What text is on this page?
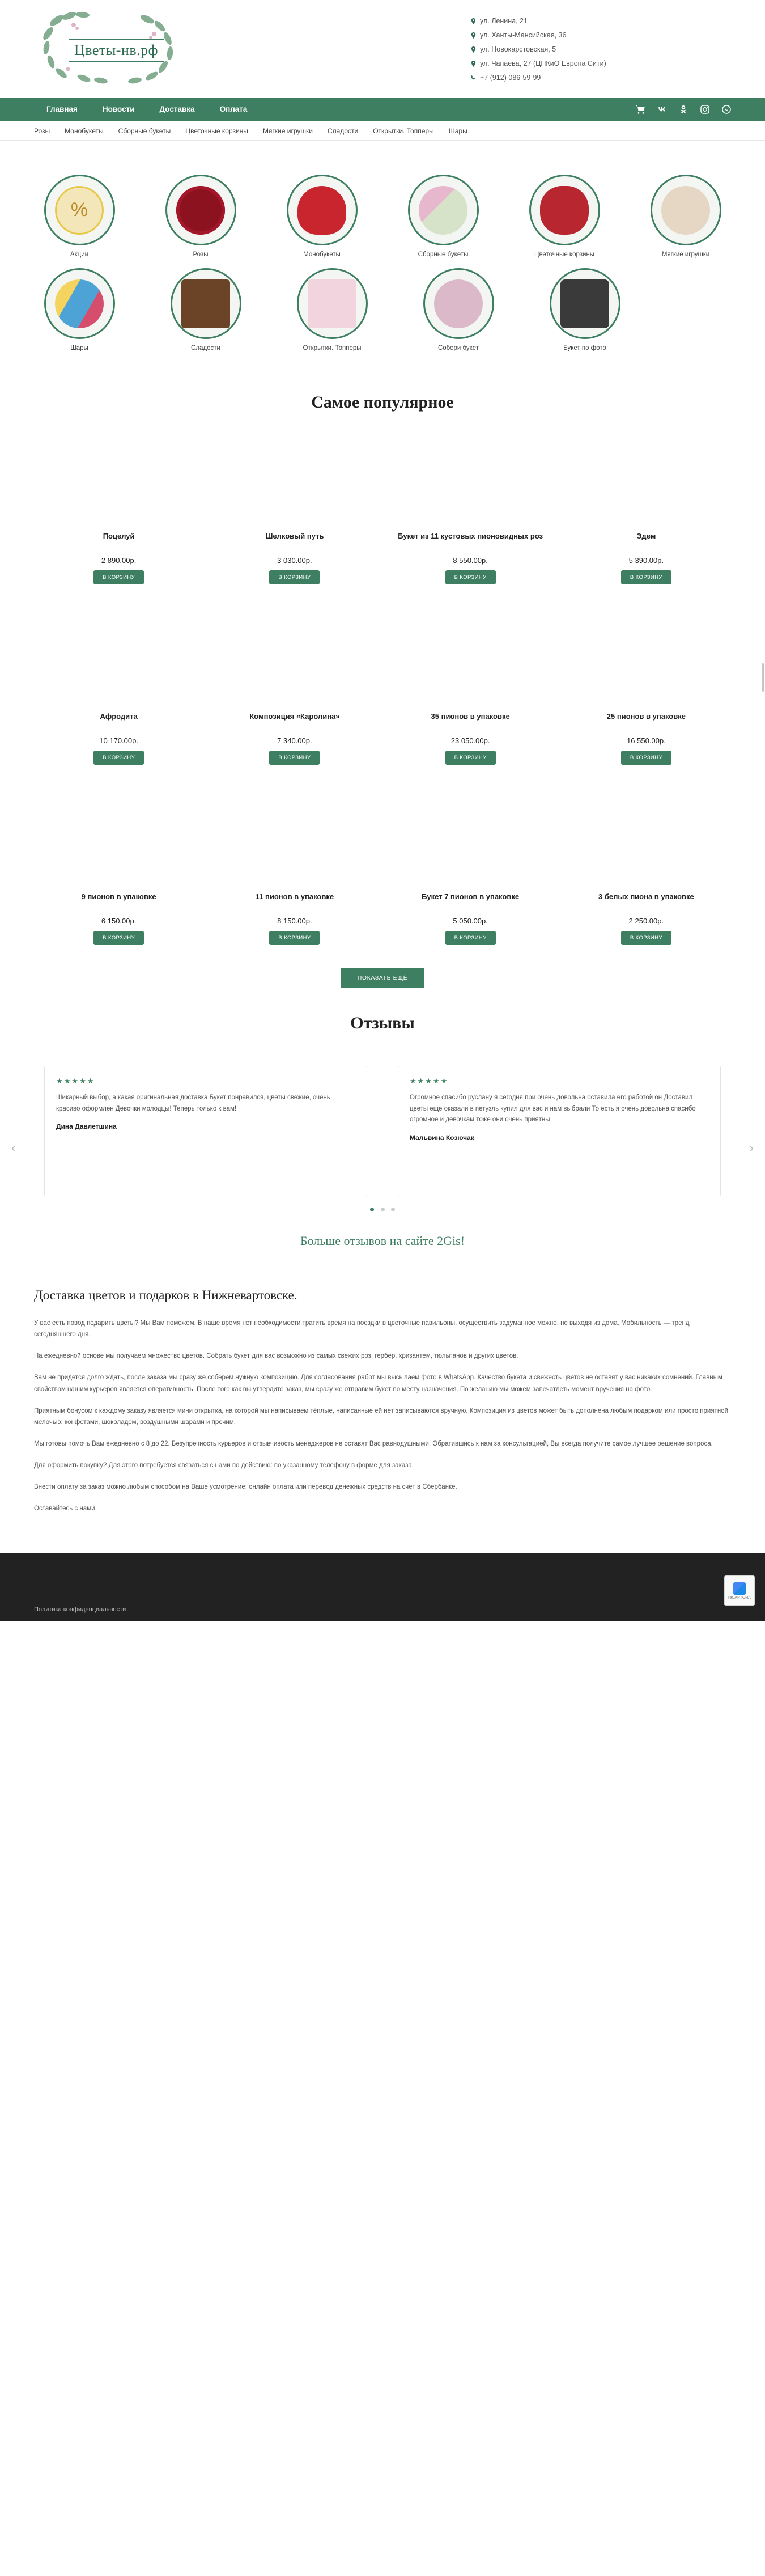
Цветы-нв.рф
ул. Ленина, 21
ул. Ханты-Мансийская, 36
ул. Новокарстовская, 5
ул. Чапаева, 27 (ЦПКиО Европа Сити)
+7 (912) 086-59-99
Главная	Новости	Доставка	Оплата
Розы Монобукеты Сборные букеты Цветочные корзины Мягкие игрушки Сладости Открытки. Топперы Шары
%
Акции	Розы	Монобукеты	Сборные букеты	Цветочные корзины	Мягкие игрушки
Шары	Сладости	Открытки. Топперы	Собери букет	Букет по фото
Самое популярное
Поцелуй
2 890.00р.
В КОРЗИНУ
Шелковый путь
3 030.00р.
В КОРЗИНУ
Букет из 11 кустовых пионовидных роз
8 550.00р.
В КОРЗИНУ
Эдем
5 390.00р.
В КОРЗИНУ
Афродита
10 170.00р.
В КОРЗИНУ
Композиция «Каролина»
7 340.00р.
В КОРЗИНУ
35 пионов в упаковке
23 050.00р.
В КОРЗИНУ
25 пионов в упаковке
16 550.00р.
В КОРЗИНУ
9 пионов в упаковке
6 150.00р.
В КОРЗИНУ
11 пионов в упаковке
8 150.00р.
В КОРЗИНУ
Букет 7 пионов в упаковке
5 050.00р.
В КОРЗИНУ
3 белых пиона в упаковке
2 250.00р.
В КОРЗИНУ
ПОКАЗАТЬ ЕЩЁ
Отзывы
‹	›
★★★★★
Шикарный выбор, а какая оригинальная доставка Букет понравился, цветы свежие, очень красиво оформлен Девочки молодцы! Теперь только к вам!
Дина Давлетшина
★★★★★
Огромное спасибо руслану я сегодня при очень довольна оставила его работой он Доставил цветы еще оказали в петузль купил для вас и нам выбрали То есть я очень довольна спасибо огромное и девочкам тоже они очень приятны
Мальвина Козючак

Больше отзывов на сайте 2Gis!
Доставка цветов и подарков в Нижневартовске.

У вас есть повод подарить цветы? Мы Вам поможем. В наше время нет необходимости тратить время на поездки в цветочные павильоны, осуществить задуманное можно, не выходя из дома. Мобильность — тренд сегодняшнего дня.

На ежедневной основе мы получаем множество цветов. Собрать букет для вас возможно из самых свежих роз, гербер, хризантем, тюльпанов и других цветов.

Вам не придется долго ждать, после заказа мы сразу же соберем нужную композицию. Для согласования работ мы высылаем фото в WhatsApp. Качество букета и свежесть цветов не оставят у вас никаких сомнений. Главным свойством нашим курьеров является оперативность. После того как вы утвердите заказ, мы сразу же отправим букет по месту назначения. По желанию мы можем запечатлеть момент вручения на фото.

Приятным бонусом к каждому заказу является мини открытка, на которой мы написываем тёплые, написанные ей нет записываются вручную. Композиция из цветов может быть дополнена любым подарком или просто приятной мелочью: конфетами, шоколадом, воздушными шарами и прочим.

Мы готовы помочь Вам ежедневно с 8 до 22. Безупречность курьеров и отзывчивость менеджеров не оставят Вас равнодушными. Обратившись к нам за консультацией, Вы всегда получите самое лучшее решение вопроса.

Для оформить покупку? Для этого потребуется связаться с нами по действию: по указанному телефону в форме для заказа.

Внести оплату за заказ можно любым способом на Ваше усмотрение: онлайн оплата или перевод денежных средств на счёт в Сбербанке.

Оставайтесь с нами

Политика конфиденциальности
reCAPTCHA
